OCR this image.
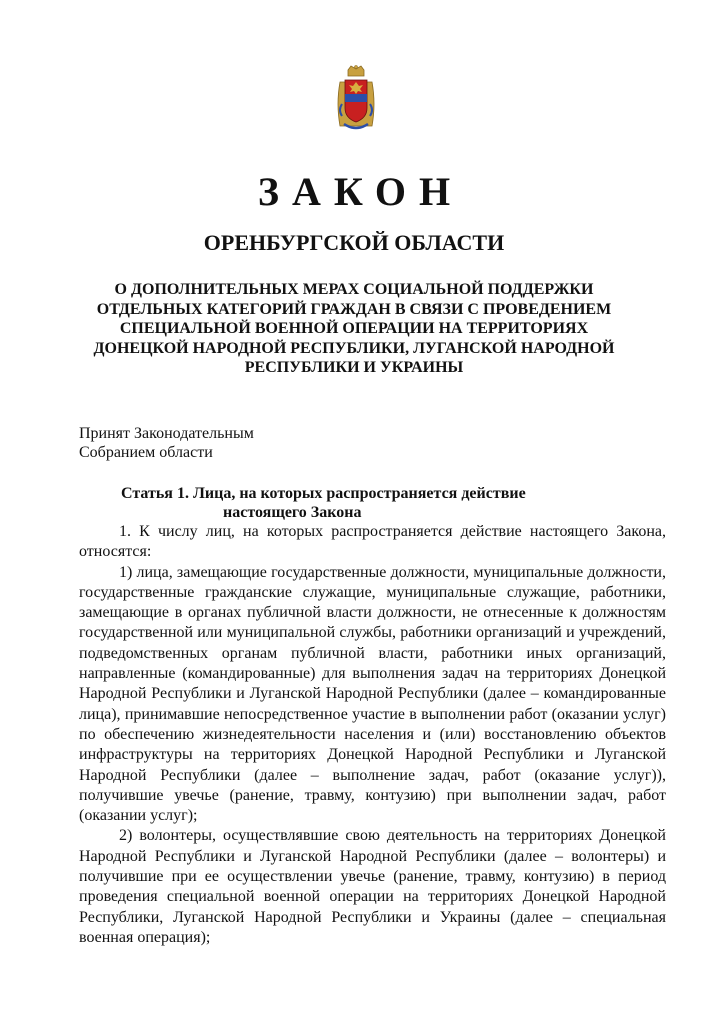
ЗАКОН
ОРЕНБУРГСКОЙ ОБЛАСТИ
О ДОПОЛНИТЕЛЬНЫХ МЕРАХ СОЦИАЛЬНОЙ ПОДДЕРЖКИ
ОТДЕЛЬНЫХ КАТЕГОРИЙ ГРАЖДАН В СВЯЗИ С ПРОВЕДЕНИЕМ
СПЕЦИАЛЬНОЙ ВОЕННОЙ ОПЕРАЦИИ НА ТЕРРИТОРИЯХ
ДОНЕЦКОЙ НАРОДНОЙ РЕСПУБЛИКИ, ЛУГАНСКОЙ НАРОДНОЙ
РЕСПУБЛИКИ И УКРАИНЫ
Принят Законодательным
Собранием области
Статья 1. Лица, на которых распространяется действие
настоящего Закона

1. К числу лиц, на которых распространяется действие настоящего Закона, относятся:

1) лица, замещающие государственные должности, муниципальные должности, государственные гражданские служащие, муниципальные служащие, работники, замещающие в органах публичной власти должности, не отнесенные к должностям государственной или муниципальной службы, работники организаций и учреждений, подведомственных органам публичной власти, работники иных организаций, направленные (командированные) для выполнения задач на территориях Донецкой Народной Республики и Луганской Народной Республики (далее – командированные лица), принимавшие непосредственное участие в выполнении работ (оказании услуг) по обеспечению жизнедеятельности населения и (или) восстановлению объектов инфраструктуры на территориях Донецкой Народной Республики и Луганской Народной Республики (далее – выполнение задач, работ (оказание услуг)), получившие увечье (ранение, травму, контузию) при выполнении задач, работ (оказании услуг);

2) волонтеры, осуществлявшие свою деятельность на территориях Донецкой Народной Республики и Луганской Народной Республики (далее – волонтеры) и получившие при ее осуществлении увечье (ранение, травму, контузию) в период проведения специальной военной операции на территориях Донецкой Народной Республики, Луганской Народной Республики и Украины (далее – специальная военная операция);
